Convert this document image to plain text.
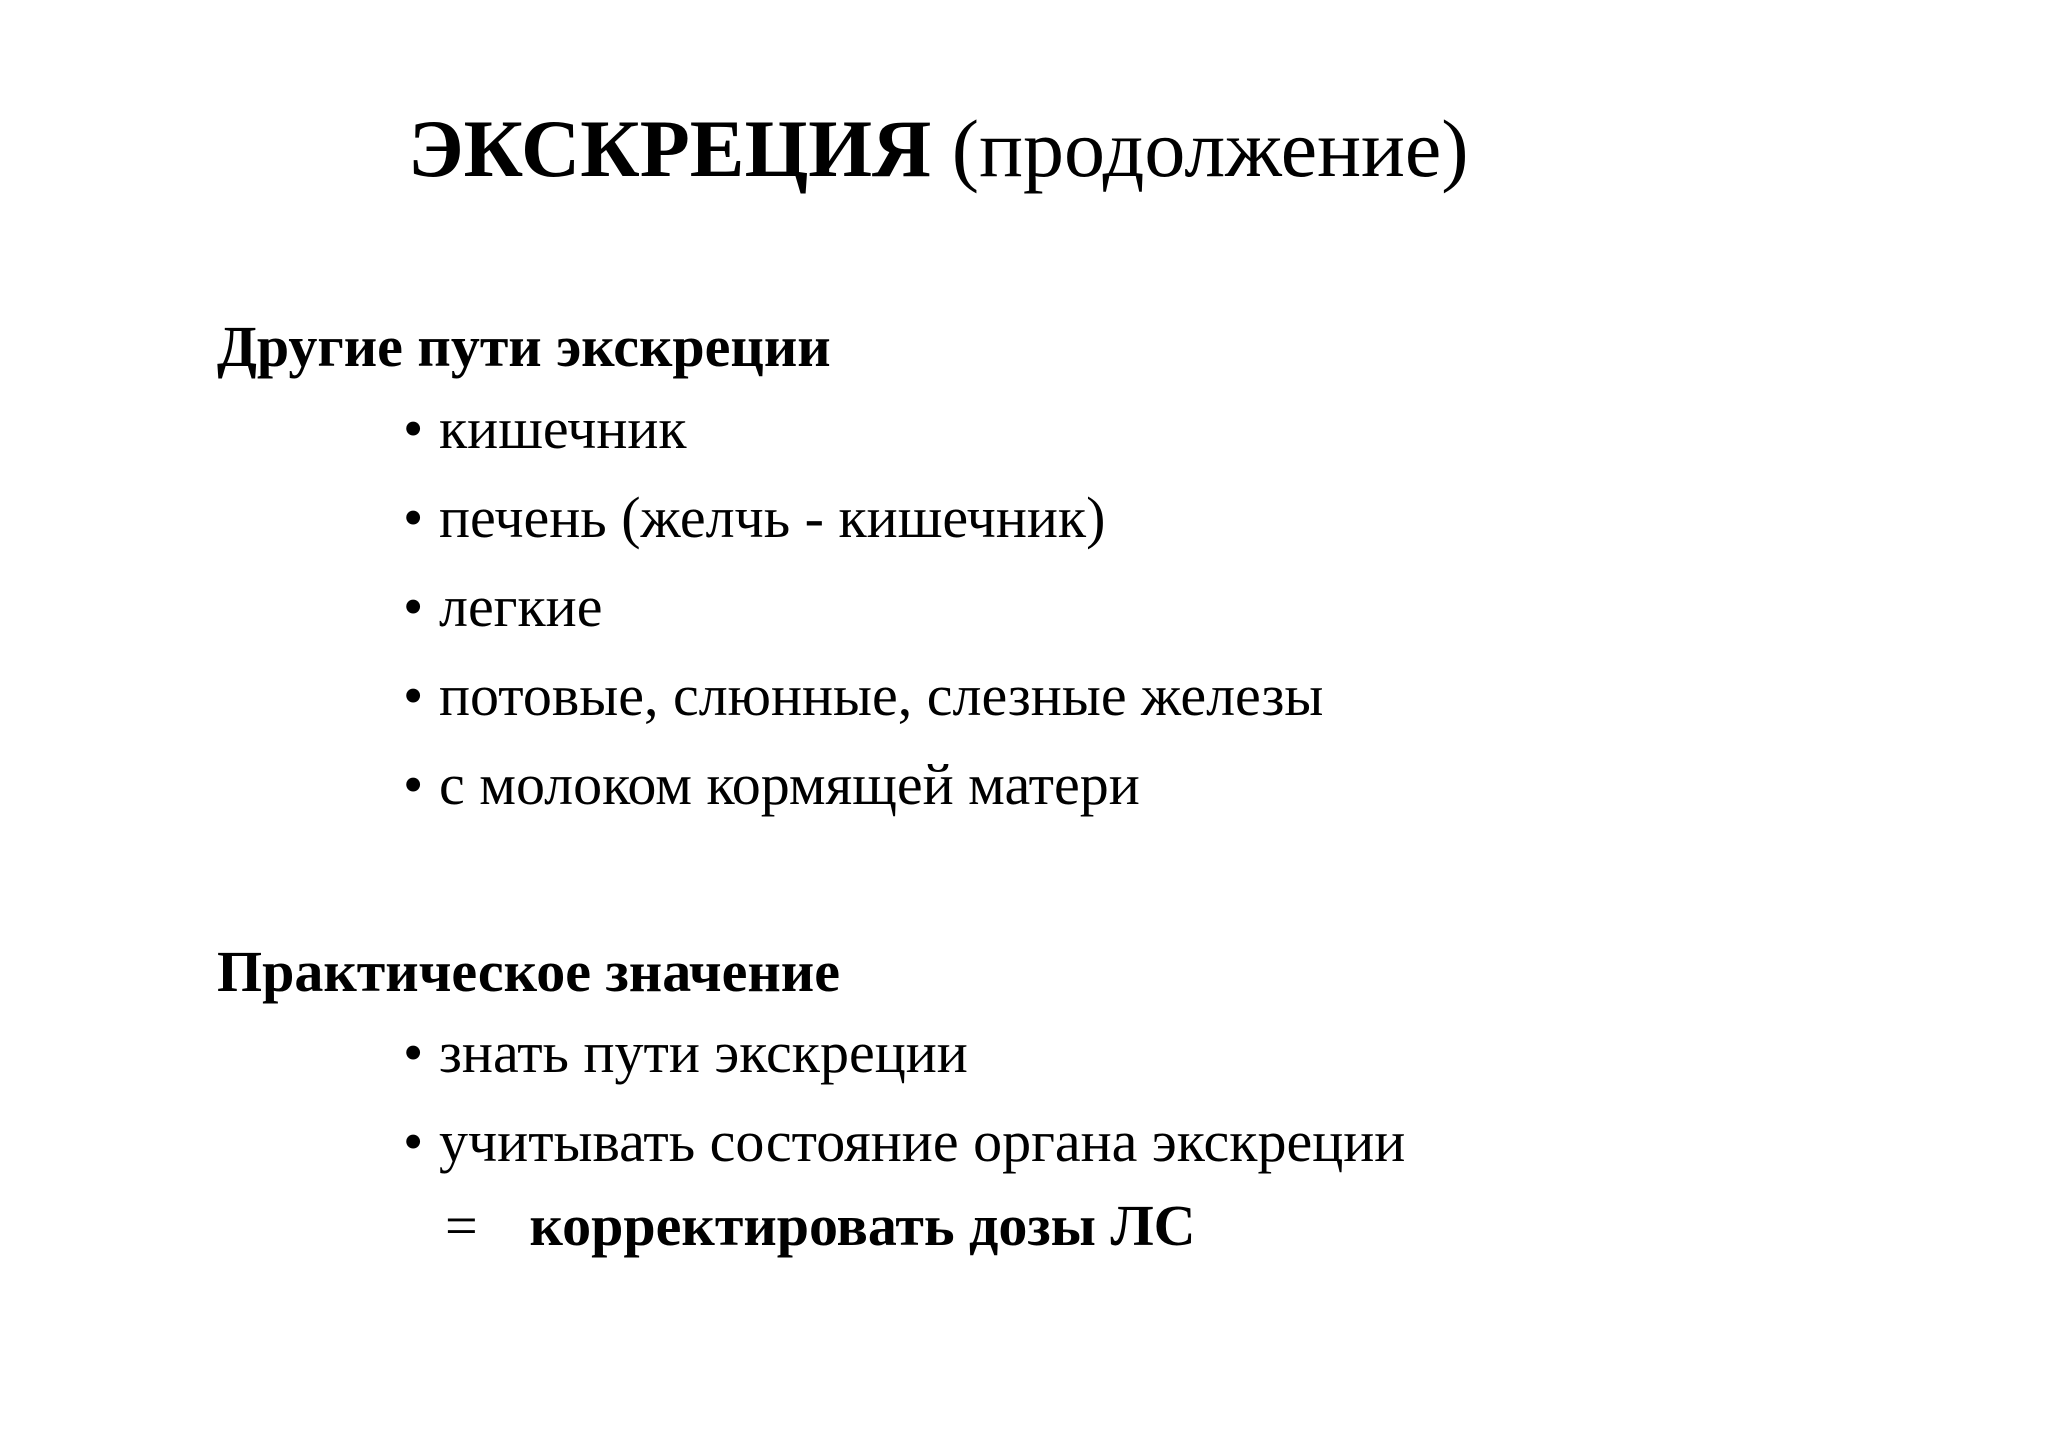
ЭКСКРЕЦИЯ (продолжение)
Другие пути экскреции
• кишечник
• печень (желчь - кишечник)
• легкие
• потовые, слюнные, слезные железы
• с молоком кормящей матери
Практическое значение
• знать пути экскреции
• учитывать состояние органа экскреции
= корректировать дозы ЛС
